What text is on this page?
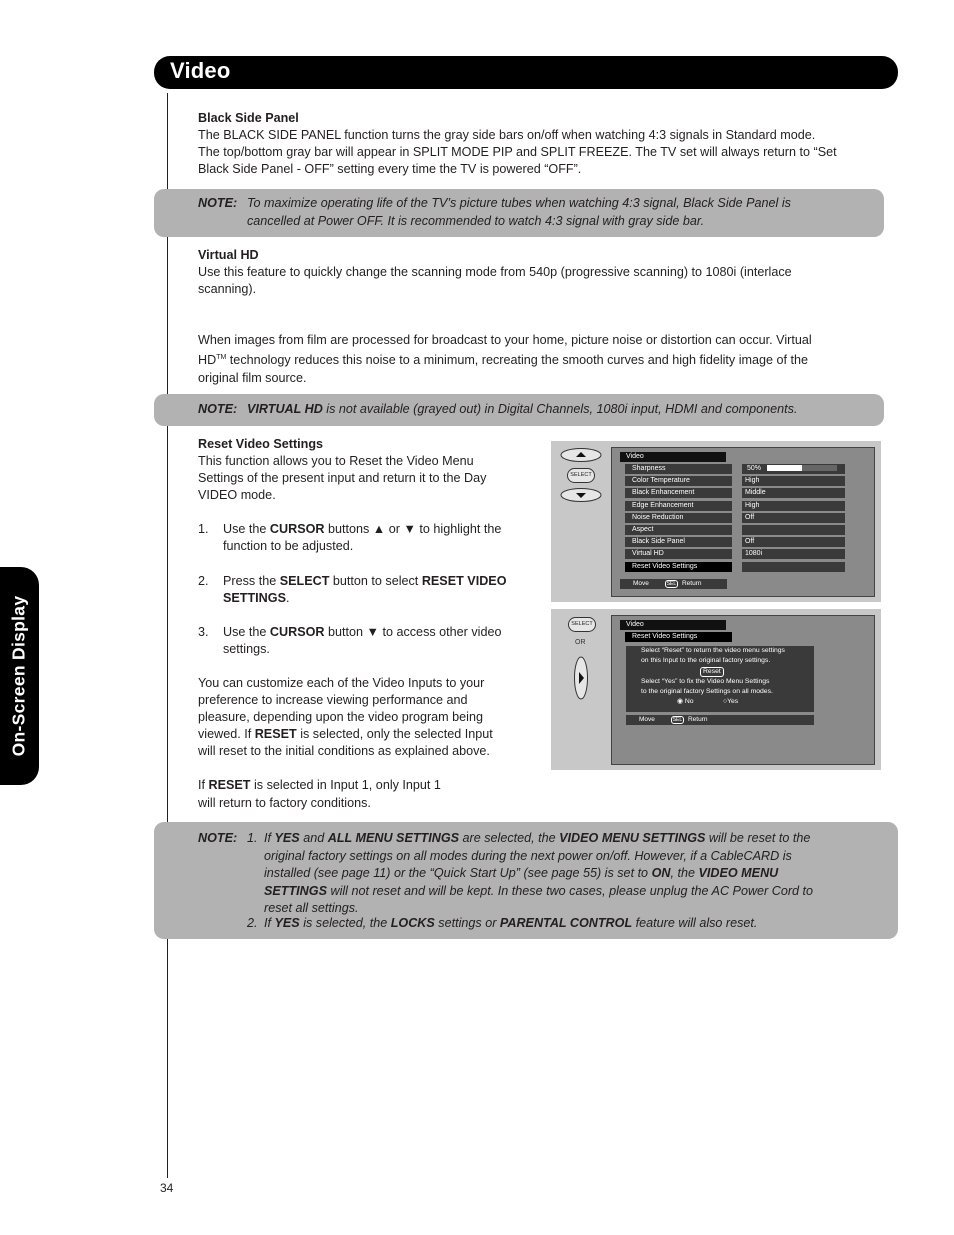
Video
On-Screen Display
Black Side Panel
The BLACK SIDE PANEL function turns the gray side bars on/off when watching 4:3 signals in Standard mode.
The top/bottom gray bar will appear in SPLIT MODE PIP and SPLIT FREEZE. The TV set will always return to “Set
Black Side Panel - OFF” setting every time the TV is powered “OFF”.
NOTE: To maximize operating life of the TV’s picture tubes when watching 4:3 signal, Black Side Panel is
cancelled at Power OFF. It is recommended to watch 4:3 signal with gray side bar.
Virtual HD
Use this feature to quickly change the scanning mode from 540p (progressive scanning) to 1080i (interlace
scanning).
When images from film are processed for broadcast to your home, picture noise or distortion can occur. Virtual
HD™ technology reduces this noise to a minimum, recreating the smooth curves and high fidelity image of the
original film source.
NOTE: VIRTUAL HD is not available (grayed out) in Digital Channels, 1080i input, HDMI and components.
Reset Video Settings
This function allows you to Reset the Video Menu
Settings of the present input and return it to the Day
VIDEO mode.
1. Use the CURSOR buttons ▲ or ▼ to highlight the
function to be adjusted.
2. Press the SELECT button to select RESET VIDEO
SETTINGS.
3. Use the CURSOR button ▼ to access other video
settings.
You can customize each of the Video Inputs to your
preference to increase viewing performance and
pleasure, depending upon the video program being
viewed. If RESET is selected, only the selected Input
will reset to the initial conditions as explained above.
If RESET is selected in Input 1, only Input 1
will return to factory conditions.
SELECT
Video
Sharpness	50%
Color Temperature	High
Black Enhancement	Middle
Edge Enhancement	High
Noise Reduction	Off
Aspect
Black Side Panel	Off
Virtual HD	1080i
Reset Video Settings
Move	SEL Return
SELECT
OR
Video
Reset Video Settings
Select “Reset” to return the video menu settings
on this Input to the original factory settings.
Reset
Select “Yes” to fix the Video Menu Settings
to the original factory Settings on all modes.
◉ No	○Yes
Move	SEL Return
NOTE: 1. If YES and ALL MENU SETTINGS are selected, the VIDEO MENU SETTINGS will be reset to the
original factory settings on all modes during the next power on/off. However, if a CableCARD is
installed (see page 11) or the “Quick Start Up” (see page 55) is set to ON, the VIDEO MENU
SETTINGS will not reset and will be kept. In these two cases, please unplug the AC Power Cord to
reset all settings.
2. If YES is selected, the LOCKS settings or PARENTAL CONTROL feature will also reset.
34
